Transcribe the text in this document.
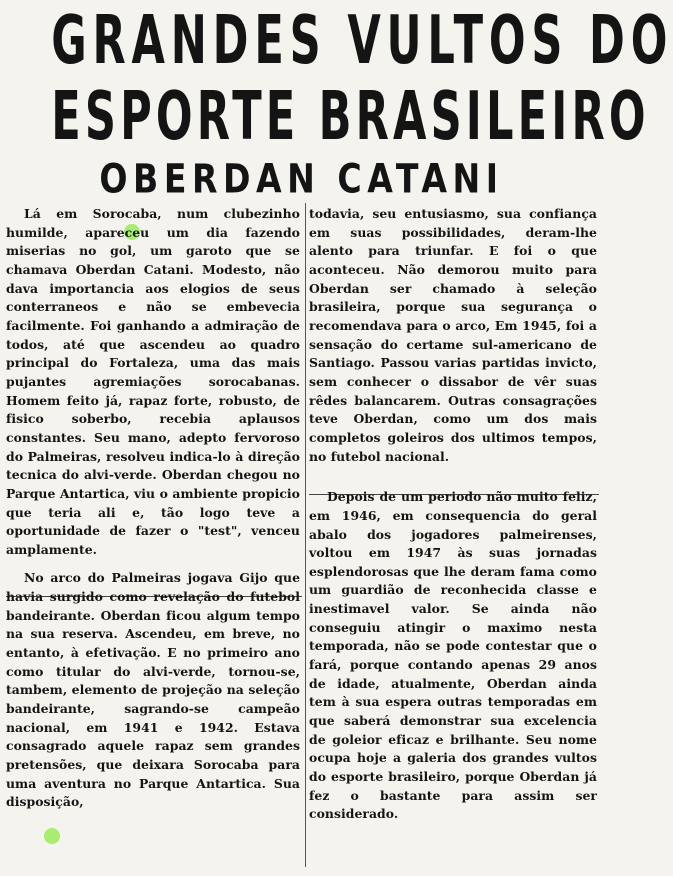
GRANDES VULTOS DO
ESPORTE BRASILEIRO
OBERDAN CATANI

Lá em Sorocaba, num clubezinho humilde, apareceu um dia fazendo miserias no gol, um garoto que se chamava Oberdan Catani. Modesto, não dava importancia aos elogios de seus conterraneos e não se embevecia facilmente. Foi ganhando a admiração de todos, até que ascendeu ao quadro principal do Fortaleza, uma das mais pujantes agremiações sorocabanas. Homem feito já, rapaz forte, robusto, de fisico soberbo, recebia aplausos constantes. Seu mano, adepto fervoroso do Palmeiras, resolveu indica-lo à direção tecnica do alvi-verde. Oberdan chegou no Parque Antartica, viu o ambiente propicio que teria ali e, tão logo teve a oportunidade de fazer o "test", venceu amplamente.

No arco do Palmeiras jogava Gijo que havia surgido como revelação do futebol bandeirante. Oberdan ficou algum tempo na sua reserva. Ascendeu, em breve, no entanto, à efetivação. E no primeiro ano como titular do alvi-verde, tornou-se, tambem, elemento de projeção na seleção bandeirante, sagrando-se campeão nacional, em 1941 e 1942. Estava consagrado aquele rapaz sem grandes pretensões, que deixara Sorocaba para uma aventura no Parque Antartica. Sua disposição,

todavia, seu entusiasmo, sua confiança em suas possibilidades, deram-lhe alento para triunfar. E foi o que aconteceu. Não demorou muito para Oberdan ser chamado à seleção brasileira, porque sua segurança o recomendava para o arco, Em 1945, foi a sensação do certame sul-americano de Santiago. Passou varias partidas invicto, sem conhecer o dissabor de vêr suas rêdes balancarem. Outras consagrações teve Oberdan, como um dos mais completos goleiros dos ultimos tempos, no futebol nacional.

Depois de um periodo não muito feliz, em 1946, em consequencia do geral abalo dos jogadores palmeirenses, voltou em 1947 às suas jornadas esplendorosas que lhe deram fama como um guardião de reconhecida classe e inestimavel valor. Se ainda não conseguiu atingir o maximo nesta temporada, não se pode contestar que o fará, porque contando apenas 29 anos de idade, atualmente, Oberdan ainda tem à sua espera outras temporadas em que saberá demonstrar sua excelencia de goleior eficaz e brilhante. Seu nome ocupa hoje a galeria dos grandes vultos do esporte brasileiro, porque Oberdan já fez o bastante para assim ser considerado.
